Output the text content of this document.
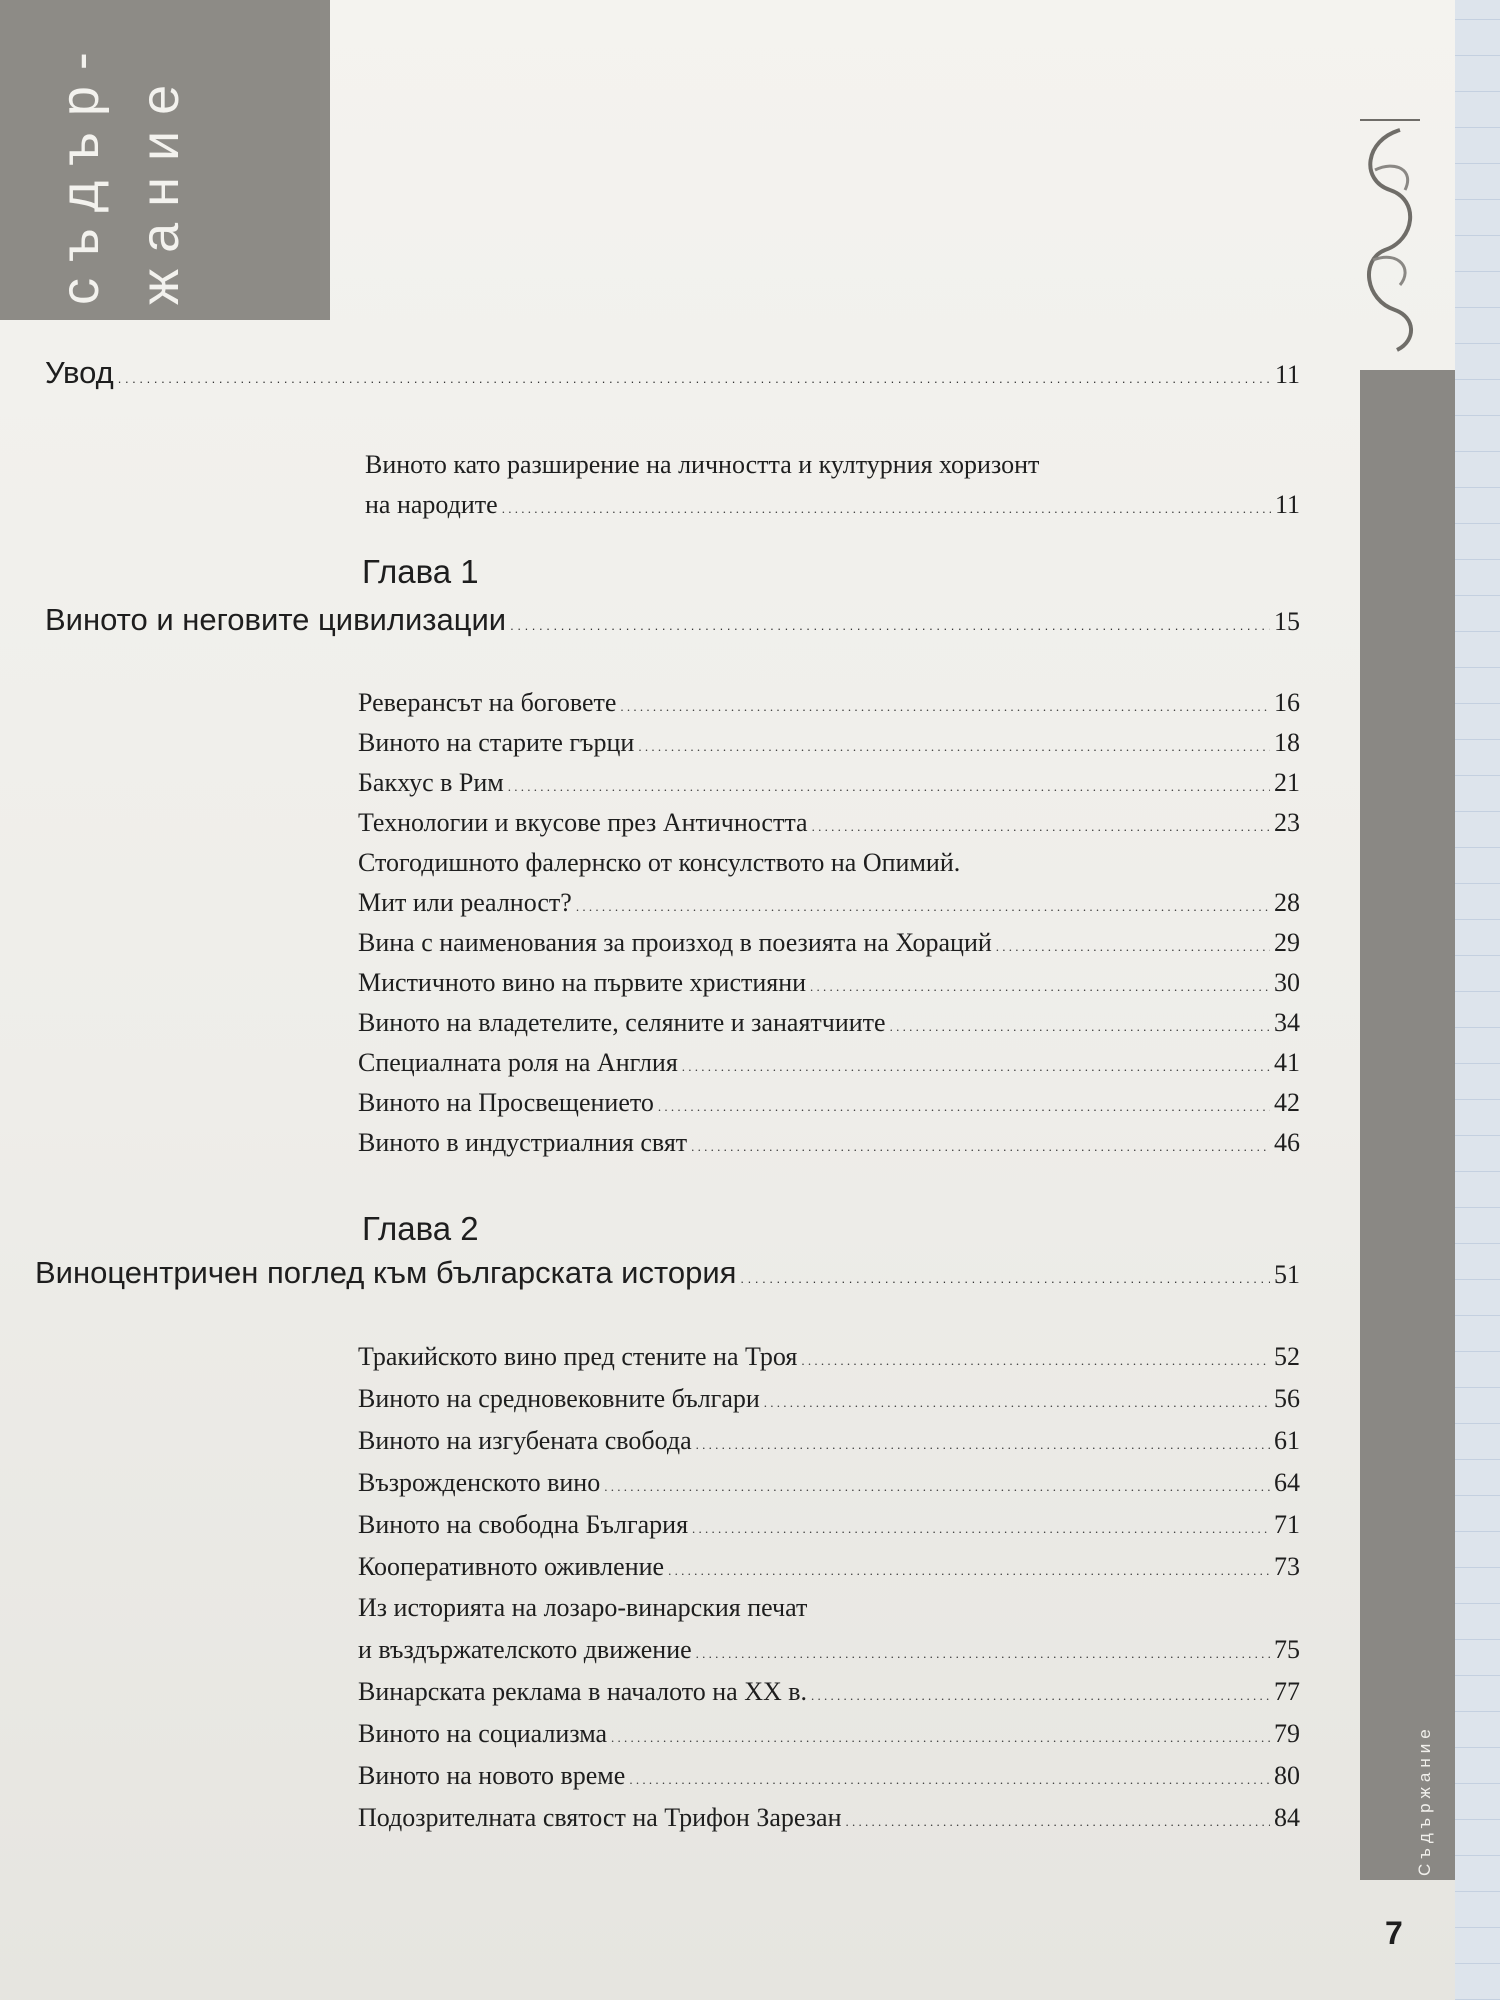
съдър- жание
Съдържание
Увод . . .	11
Виното като разширение на личността и културния хоризонт
на народите . . .	11
Глава 1
Виното и неговите цивилизации . . .	15
Реверансът на боговете . . .	16
Виното на старите гърци . . .	18
Бакхус в Рим . . .	21
Технологии и вкусове през Античността . . .	23
Стогодишното фалернско от консулството на Опимий.
Мит или реалност? . . .	28
Вина с наименования за произход в поезията на Хораций . . .	29
Мистичното вино на първите християни . . .	30
Виното на владетелите, селяните и занаятчиите . . .	34
Специалната роля на Англия . . .	41
Виното на Просвещението . . .	42
Виното в индустриалния свят . . .	46
Глава 2
Виноцентричен поглед към българската история . . .	51
Тракийското вино пред стените на Троя . . .	52
Виното на средновековните българи . . .	56
Виното на изгубената свобода . . .	61
Възрожденското вино . . .	64
Виното на свободна България . . .	71
Кооперативното оживление . . .	73
Из историята на лозаро-винарския печат
и въздържателското движение . . .	75
Винарската реклама в началото на XX в. . . .	77
Виното на социализма . . .	79
Виното на новото време . . .	80
Подозрителната святост на Трифон Зарезан . . .	84
7
